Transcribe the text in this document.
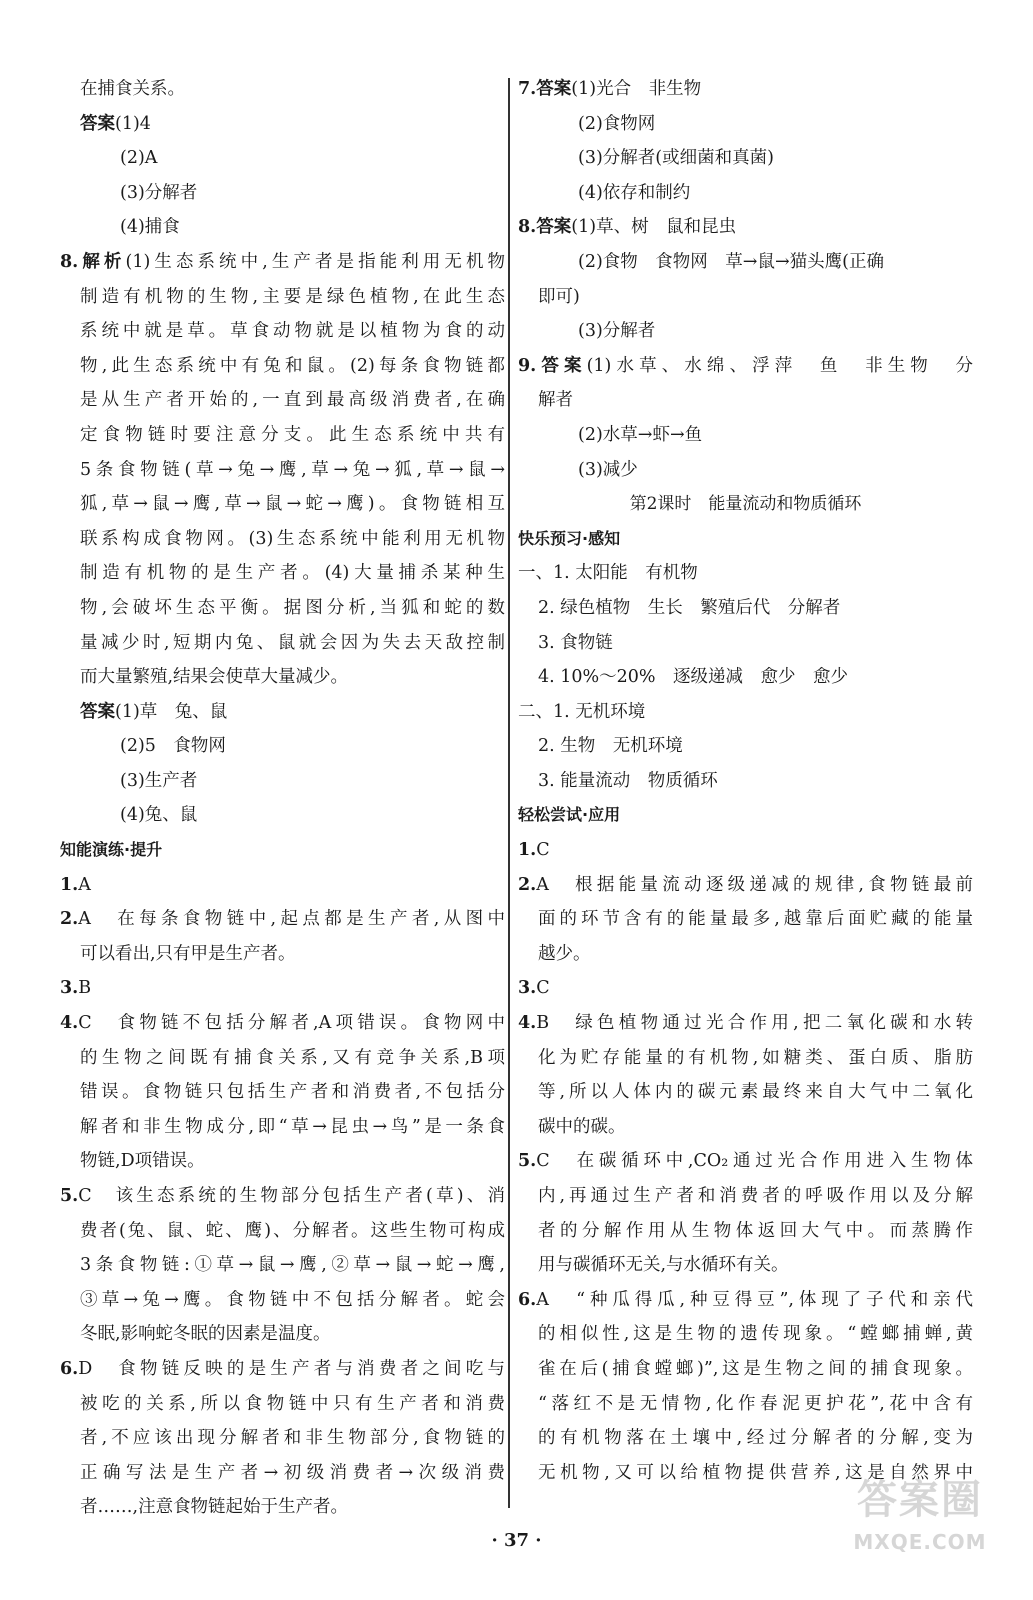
在捕食关系。
答案(1)4
(2)A
(3)分解者
(4)捕食
8.解析(1)生态系统中,生产者是指能利用无机物
制造有机物的生物,主要是绿色植物,在此生态
系统中就是草。草食动物就是以植物为食的动
物,此生态系统中有兔和鼠。(2)每条食物链都
是从生产者开始的,一直到最高级消费者,在确
定食物链时要注意分支。此生态系统中共有
5条食物链(草→兔→鹰,草→兔→狐,草→鼠→
狐,草→鼠→鹰,草→鼠→蛇→鹰)。食物链相互
联系构成食物网。(3)生态系统中能利用无机物
制造有机物的是生产者。(4)大量捕杀某种生
物,会破坏生态平衡。据图分析,当狐和蛇的数
量减少时,短期内兔、鼠就会因为失去天敌控制
而大量繁殖,结果会使草大量减少。
答案(1)草　兔、鼠
(2)5　食物网
(3)生产者
(4)兔、鼠
知能演练·提升
1.A
2.A　在每条食物链中,起点都是生产者,从图中
可以看出,只有甲是生产者。
3.B
4.C　食物链不包括分解者,A项错误。食物网中
的生物之间既有捕食关系,又有竞争关系,B项
错误。食物链只包括生产者和消费者,不包括分
解者和非生物成分,即“草→昆虫→鸟”是一条食
物链,D项错误。
5.C　该生态系统的生物部分包括生产者(草)、消
费者(兔、鼠、蛇、鹰)、分解者。这些生物可构成
3条食物链:①草→鼠→鹰,②草→鼠→蛇→鹰,
③草→兔→鹰。食物链中不包括分解者。蛇会
冬眠,影响蛇冬眠的因素是温度。
6.D　食物链反映的是生产者与消费者之间吃与
被吃的关系,所以食物链中只有生产者和消费
者,不应该出现分解者和非生物部分,食物链的
正确写法是生产者→初级消费者→次级消费
者……,注意食物链起始于生产者。
7.答案(1)光合　非生物
(2)食物网
(3)分解者(或细菌和真菌)
(4)依存和制约
8.答案(1)草、树　鼠和昆虫
(2)食物　食物网　草→鼠→猫头鹰(正确
即可)
(3)分解者
9.答案(1)水草、水绵、浮萍　鱼　非生物　分
解者
(2)水草→虾→鱼
(3)减少
第2课时　能量流动和物质循环
快乐预习·感知
一、1. 太阳能　有机物
2. 绿色植物　生长　繁殖后代　分解者
3. 食物链
4. 10%～20%　逐级递减　愈少　愈少
二、1. 无机环境
2. 生物　无机环境
3. 能量流动　物质循环
轻松尝试·应用
1.C
2.A　根据能量流动逐级递减的规律,食物链最前
面的环节含有的能量最多,越靠后面贮藏的能量
越少。
3.C
4.B　绿色植物通过光合作用,把二氧化碳和水转
化为贮存能量的有机物,如糖类、蛋白质、脂肪
等,所以人体内的碳元素最终来自大气中二氧化
碳中的碳。
5.C　在碳循环中,CO₂通过光合作用进入生物体
内,再通过生产者和消费者的呼吸作用以及分解
者的分解作用从生物体返回大气中。而蒸腾作
用与碳循环无关,与水循环有关。
6.A　“种瓜得瓜,种豆得豆”,体现了子代和亲代
的相似性,这是生物的遗传现象。“螳螂捕蝉,黄
雀在后(捕食螳螂)”,这是生物之间的捕食现象。
“落红不是无情物,化作春泥更护花”,花中含有
的有机物落在土壤中,经过分解者的分解,变为
无机物,又可以给植物提供营养,这是自然界中
· 37 ·
答案圈
MXQE.COM
